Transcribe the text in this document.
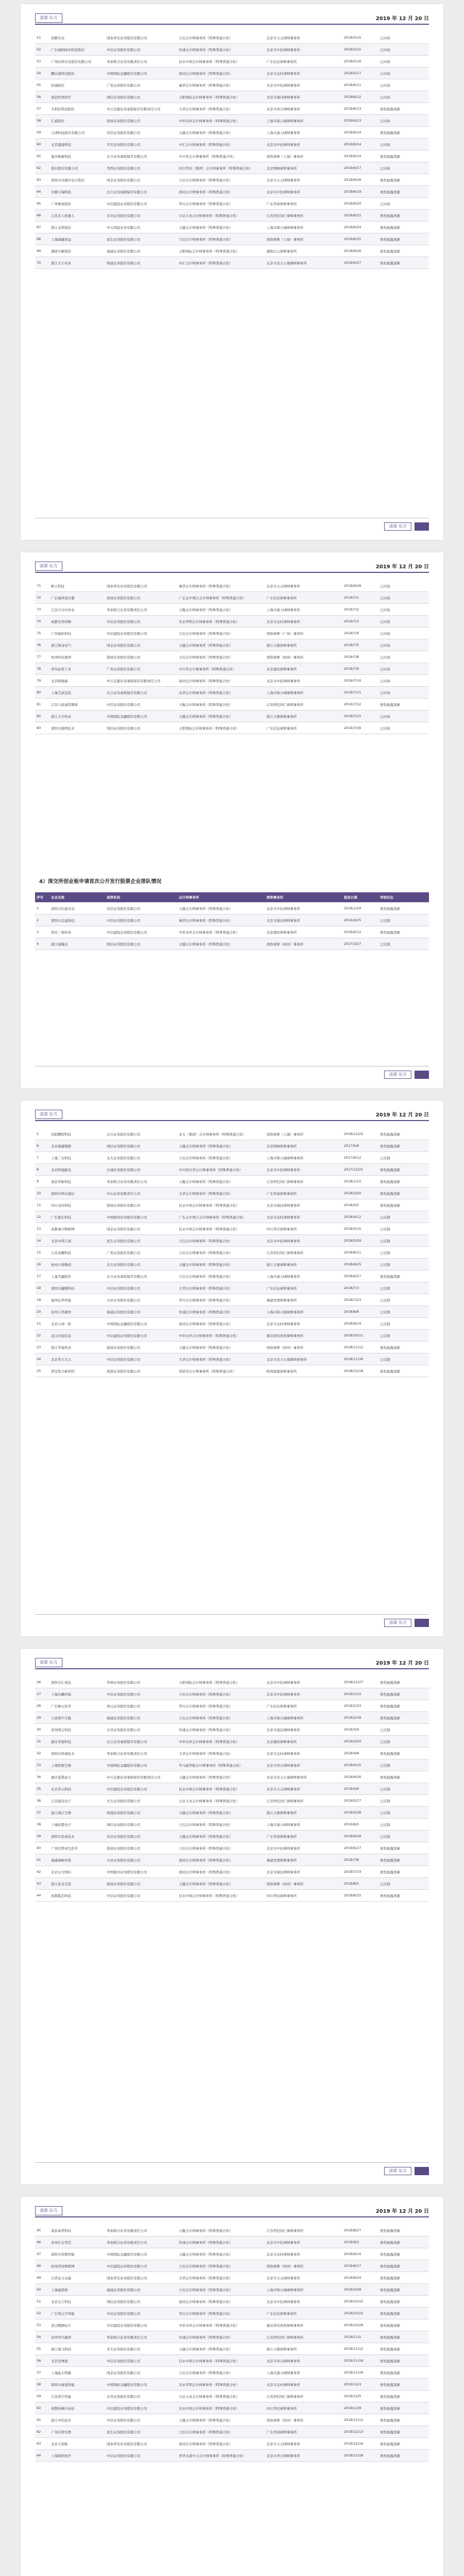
清算·东方	2019 年 12 月 20 日
51	资腾光电	国泰君安证券股份有限公司	立信会计师事务所（特殊普通合伙）	北京市天元律师事务所	2019/5/15	已问询
52	广东海纳纳米科技股份	中信证券股份有限公司	容诚会计师事务所（特殊普通合伙）	北京市中伦律师事务所	2019/5/15	已问询
53	广州信和光电股份有限公司	华泰联合证券有限责任公司	信永中和会计师事务所（特殊普通合伙）	广东信达律师事务所	2019/5/16	已问询
54	鹏信通科技股份	中国国际金融股份有限公司	致同会计师事务所（特殊普通合伙）	北京市金杜律师事务所	2019/5/17	已问询
55	恒瑞股份	广发证券股份有限公司	瑞华会计师事务所（特殊普通合伙）	北京市中伦律师事务所	2019/6/11	已问询
56	南京欧普医疗	国信证券股份有限公司	天职国际会计师事务所（特殊普通合伙）	北京市海问律师事务所	2019/6/12	已问询
57	美利信科技股份	申万宏源证券承销保荐有限责任公司	大华会计师事务所（特殊普通合伙）	北京市君合律师事务所	2019/6/13	预先披露更新
58	汇威股份	招商证券股份有限公司	中审众环会计师事务所（特殊普通合伙）	上海市锦天城律师事务所	2019/6/13	已问询
59	天津科技股份有限公司	安信证券股份有限公司	天健会计师事务所（特殊普通合伙）	上海市通力律师事务所	2019/6/14	预先披露更新
60	北京盛通科技	平安证券股份有限公司	中汇会计师事务所（特殊普通合伙）	北京市中伦律师事务所	2019/6/14	已问询
61	重庆新新科技	东方证券承销保荐有限公司	中兴华会计师事务所（特殊普通合伙）	国浩律师（上海）事务所	2019/6/14	预先披露更新
62	浙东股份有限公司	华西证券股份有限公司	四川华信（集团）会计师事务所（特殊普通合伙）	北京国枫律师事务所	2019/6/17	已问询
63	深圳市迈瑞尔电子股份	国金证券股份有限公司	立信会计师事务所（特殊普通合伙）	北京市天元律师事务所	2019/6/18	预先披露更新
64	安徽万瑞科技	长江证券承销保荐有限公司	致同会计师事务所（特殊普通合伙）	北京市中伦律师事务所	2019/6/19	预先披露更新
65	广州赛意股份	中信建投证券股份有限公司	华兴会计师事务所（特殊普通合伙）	广东华商律师事务所	2019/6/20	已问询
66	江苏北人机器人	东吴证券股份有限公司	公证天业会计师事务所（特殊普通合伙）	江苏世纪同仁律师事务所	2019/6/21	预先披露更新
67	浙江金科股份	中天国富证券有限公司	天健会计师事务所（特殊普通合伙）	上海市锦天城律师事务所	2019/6/24	预先披露更新
68	上海海融食品	民生证券股份有限公司	立信会计师事务所（特殊普通合伙）	国浩律师（上海）事务所	2019/6/25	预先披露更新
69	湖南宇新股份	海通证券股份有限公司	天职国际会计师事务所（特殊普通合伙）	湖南启元律师事务所	2019/6/26	预先披露更新
70	浙江大丰实业	财通证券股份有限公司	中汇会计师事务所（特殊普通合伙）	北京市竞天公诚律师事务所	2019/6/27	预先披露更新
清算·东方
清算·东方	2019 年 12 月 20 日
4）深交所创业板申请首次公开发行股票企业排队情况
71	新天科技	国泰君安证券股份有限公司	瑞华会计师事务所（特殊普通合伙）	北京市天元律师事务所	2019/6/28	已问询
72	广东海鸿变压器	招商证券股份有限公司	广东正中珠江会计师事务所（特殊普通合伙）	广东信达律师事务所	2019/7/1	已问询
73	江苏吉贝尔药业	华泰联合证券有限责任公司	天衡会计师事务所（特殊普通合伙）	上海市通力律师事务所	2019/7/2	已问询
74	成都先导药物	中信证券股份有限公司	安永华明会计师事务所（特殊普通合伙）	北京市金杜律师事务所	2019/7/3	已问询
75	广州瑞松科技	中信建投证券股份有限公司	立信会计师事务所（特殊普通合伙）	国浩律师（广州）事务所	2019/7/4	已问询
76	浙江锋龙电气	国金证券股份有限公司	天健会计师事务所（特殊普通合伙）	浙江天册律师事务所	2019/7/5	已问询
77	杭州热电集团	浙商证券股份有限公司	立信会计师事务所（特殊普通合伙）	国浩律师（杭州）事务所	2019/7/8	已问询
78	青岛征和工业	广发证券股份有限公司	中兴华会计师事务所（特殊普通合伙）	北京德恒律师事务所	2019/7/9	已问询
79	北京映翰通	申万宏源证券承销保荐有限责任公司	致同会计师事务所（特殊普通合伙）	北京市中伦律师事务所	2019/7/10	已问询
80	上海艾录包装	长江证券承销保荐有限公司	众华会计师事务所（特殊普通合伙）	上海市锦天城律师事务所	2019/7/11	已问询
81	江苏力星通用钢球	中信证券股份有限公司	天衡会计师事务所（特殊普通合伙）	江苏世纪同仁律师事务所	2019/7/12	预先披露更新
82	浙江天宇药业	中国国际金融股份有限公司	天健会计师事务所（特殊普通合伙）	浙江天册律师事务所	2019/7/15	已问询
83	深圳市锐明技术	国信证券股份有限公司	天职国际会计师事务所（特殊普通合伙）	广东信达律师事务所	2019/7/16	已问询
序号	企业名称	保荐机构	会计师事务所	律师事务所	报送日期	审核状态
1	深圳市信濠光电	安信证券股份有限公司	天健会计师事务所（特殊普通合伙）	北京市中伦律师事务所	2016/1/29	预先披露更新
2	深圳市金溢科技	中信证券股份有限公司	瑞华会计师事务所（特殊普通合伙）	北京市康达律师事务所	2016/4/25	已反馈
3	西安三角防务	中信建投证券股份有限公司	中审众环会计师事务所（特殊普通合伙）	北京德恒律师事务所	2016/6/12	预先披露更新
4	浙江康隆达	国信证券股份有限公司	天健会计师事务所（特殊普通合伙）	国浩律师（杭州）事务所	2017/3/27	已反馈
清算·东方
清算·东方	2019 年 12 月 20 日
5	沈阳鹏程科技	东兴证券股份有限公司	亚太（集团）会计师事务所（特殊普通合伙）	国浩律师（上海）事务所	2016/12/22	预先披露更新
6	北京海量数据	国信证券股份有限公司	天健会计师事务所（特殊普通合伙）	北京国枫律师事务所	2017/5/8	预先披露更新
7	上海三毛科技	光大证券股份有限公司	立信会计师事务所（特殊普通合伙）	上海市锦天城律师事务所	2017/6/12	已反馈
8	北京科锐配电	长城证券股份有限公司	中兴财光华会计师事务所（特殊普通合伙）	北京市中伦律师事务所	2017/12/21	预先披露更新
9	南京华脉科技	华泰联合证券有限责任公司	天衡会计师事务所（特殊普通合伙）	江苏世纪同仁律师事务所	2018/1/15	预先披露更新
10	深圳市科信通信	中山证券有限责任公司	大华会计师事务所（特殊普通合伙）	广东华商律师事务所	2018/3/20	预先披露更新
11	四川金时科技	招商证券股份有限公司	信永中和会计师事务所（特殊普通合伙）	北京市康达律师事务所	2018/4/2	预先披露更新
12	广东德生科技	中国银河证券股份有限公司	广东正中珠江会计师事务所（特殊普通合伙）	北京市金杜律师事务所	2018/4/12	已反馈
13	成都秦川物联网	国金证券股份有限公司	信永中和会计师事务所（特殊普通合伙）	四川华信律师事务所	2018/5/15	已反馈
14	北京中科江南	民生证券股份有限公司	立信会计师事务所（特殊普通合伙）	北京市中伦律师事务所	2018/5/28	已反馈
15	江苏龙蟠科技	广发证券股份有限公司	立信会计师事务所（特殊普通合伙）	江苏世纪同仁律师事务所	2018/6/11	已反馈
16	杭州天地数码	光大证券股份有限公司	天健会计师事务所（特殊普通合伙）	浙江天册律师事务所	2018/6/25	已反馈
17	上海艾融软件	东方证券承销保荐有限公司	立信会计师事务所（特殊普通合伙）	上海市通力律师事务所	2018/6/27	预先披露更新
18	深圳市捷顺科技	中信证券股份有限公司	大华会计师事务所（特殊普通合伙）	广东信达律师事务所	2018/7/3	已反馈
19	福州达华智能	兴业证券股份有限公司	华兴会计师事务所（特殊普通合伙）	福建至理律师事务所	2018/7/23	已反馈
20	苏州天华超净	海通证券股份有限公司	容诚会计师事务所（特殊普通合伙）	上海市锦天城律师事务所	2018/8/8	已反馈
21	北京九州一轨	中国国际金融股份有限公司	致同会计师事务所（特殊普通合伙）	北京市金杜律师事务所	2018/9/14	已反馈
22	武汉光庭信息	中信建投证券股份有限公司	中审众环会计师事务所（特殊普通合伙）	湖北得伟君尚律师事务所	2018/10/11	已反馈
23	浙江华康药业	浙商证券股份有限公司	天健会计师事务所（特殊普通合伙）	国浩律师（杭州）事务所	2018/11/12	预先披露更新
24	北京华大九天	中信证券股份有限公司	大华会计师事务所（特殊普通合伙）	北京市竞天公诚律师事务所	2018/11/30	已反馈
25	西安凯立新材料	西部证券股份有限公司	希格玛会计师事务所（特殊普通合伙）	陕西海嘉律师事务所	2018/12/18	预先披露更新
清算·东方
清算·东方	2019 年 12 月 20 日
26	深圳市汇创达	华林证券股份有限公司	天职国际会计师事务所（特殊普通合伙）	北京市中伦律师事务所	2018/12/27	预先披露更新
27	上海丛麟环保	中信证券股份有限公司	立信会计师事务所（特殊普通合伙）	北京市中伦律师事务所	2019/1/10	预先披露更新
28	广东聚石化学	国元证券股份有限公司	华兴会计师事务所（特殊普通合伙）	广东信达律师事务所	2019/1/23	预先披露更新
29	宁波舜宇车载	海通证券股份有限公司	立信会计师事务所（特殊普通合伙）	上海市锦天城律师事务所	2019/2/18	预先披露更新
30	苏州明志科技	东吴证券股份有限公司	容诚会计师事务所（特殊普通合伙）	北京市康达律师事务所	2019/3/4	已反馈
31	湖北华强科技	长江证券承销保荐有限公司	中审众环会计师事务所（特殊普通合伙）	北京德恒律师事务所	2019/3/20	已反馈
32	深圳市科瑞技术	华泰联合证券有限责任公司	大华会计师事务所（特殊普通合伙）	北京市金杜律师事务所	2019/4/8	预先披露更新
33	上海凯赛生物	中国国际金融股份有限公司	毕马威华振会计师事务所（特殊普通合伙）	北京市君合律师事务所	2019/4/15	已反馈
34	重庆蓝黛动力	申万宏源证券承销保荐有限责任公司	天健会计师事务所（特殊普通合伙）	北京市竞天公诚律师事务所	2019/4/26	预先披露更新
35	北京青云科技	中信建投证券股份有限公司	信永中和会计师事务所（特殊普通合伙）	北京市天元律师事务所	2019/5/9	已反馈
36	江苏通达电子	光大证券股份有限公司	公证天业会计师事务所（特殊普通合伙）	江苏世纪同仁律师事务所	2019/5/17	已反馈
37	浙江钱江生物	财通证券股份有限公司	天健会计师事务所（特殊普通合伙）	浙江天册律师事务所	2019/5/28	已反馈
38	上海柏楚电子	国信证券股份有限公司	立信会计师事务所（特殊普通合伙）	上海市通力律师事务所	2019/6/5	已反馈
39	深圳市思索技术	安信证券股份有限公司	天健会计师事务所（特殊普通合伙）	广东华商律师事务所	2019/6/18	已反馈
40	广州迈普再生医学	招商证券股份有限公司	立信会计师事务所（特殊普通合伙）	北京市中伦律师事务所	2019/6/27	预先披露更新
41	福建海峡环保	兴业证券股份有限公司	致同会计师事务所（特殊普通合伙）	福建至理律师事务所	2019/7/8	预先披露更新
42	北京东方国信	中国银河证券股份有限公司	致同会计师事务所（特殊普通合伙）	北京市康达律师事务所	2019/7/19	预先披露更新
43	浙江兆龙互连	浙商证券股份有限公司	天健会计师事务所（特殊普通合伙）	国浩律师（杭州）事务所	2019/8/2	已反馈
44	成都振芯科技	中信证券股份有限公司	信永中和会计师事务所（特殊普通合伙）	四川华信律师事务所	2019/8/15	预先披露更新
清算·东方
清算·东方	2019 年 12 月 20 日
45	南京高华科技	华泰联合证券有限责任公司	天衡会计师事务所（特殊普通合伙）	江苏世纪同仁律师事务所	2019/8/27	预先披露更新
46	苏州长光华芯	华泰联合证券有限责任公司	容诚会计师事务所（特殊普通合伙）	北京市中伦律师事务所	2019/9/3	预先披露更新
47	深圳市智微智能	中国国际金融股份有限公司	天健会计师事务所（特殊普通合伙）	北京市金杜律师事务所	2019/9/10	预先披露更新
48	杭州鸿泉物联网	中信建投证券股份有限公司	立信会计师事务所（特殊普通合伙）	国浩律师（杭州）事务所	2019/9/17	预先披露更新
49	江西金力永磁	国泰君安证券股份有限公司	大华会计师事务所（特殊普通合伙）	北京市天元律师事务所	2019/9/24	预先披露更新
50	上海威派格	海通证券股份有限公司	立信会计师事务所（特殊普通合伙）	上海市锦天城律师事务所	2019/10/8	预先披露更新
51	北京左江科技	国信证券股份有限公司	致同会计师事务所（特殊普通合伙）	北京市中伦律师事务所	2019/10/15	预先披露更新
52	广东利元亨智能	中信证券股份有限公司	华兴会计师事务所（特殊普通合伙）	广东信达律师事务所	2019/10/22	预先披露更新
53	武汉精测电子	中信建投证券股份有限公司	中审众环会计师事务所（特殊普通合伙）	湖北得伟君尚律师事务所	2019/10/29	预先披露更新
54	苏州华兴源创	华泰联合证券有限责任公司	容诚会计师事务所（特殊普通合伙）	江苏世纪同仁律师事务所	2019/11/5	预先披露更新
55	浙江德马科技	光大证券股份有限公司	天健会计师事务所（特殊普通合伙）	浙江天册律师事务所	2019/11/12	预先披露更新
56	北京安博通	中信证券股份有限公司	信永中和会计师事务所（特殊普通合伙）	北京市君合律师事务所	2019/11/19	预先披露更新
57	上海晶丰明源	国金证券股份有限公司	立信会计师事务所（特殊普通合伙）	上海市通力律师事务所	2019/11/26	预先披露更新
58	深圳市道通智能	中国国际金融股份有限公司	安永华明会计师事务所（特殊普通合伙）	北京市金杜律师事务所	2019/12/3	预先披露更新
59	江苏泽宇智能	东吴证券股份有限公司	公证天业会计师事务所（特殊普通合伙）	江苏世纪同仁律师事务所	2019/12/5	预先披露更新
60	成都纵横自动化	中信建投证券股份有限公司	信永中和会计师事务所（特殊普通合伙）	四川华信律师事务所	2019/12/9	预先披露更新
61	浙江中控技术	中信证券股份有限公司	天健会计师事务所（特殊普通合伙）	国浩律师（杭州）事务所	2019/12/11	预先披露更新
62	广州洁特生物	民生证券股份有限公司	立信会计师事务所（特殊普通合伙）	广东华商律师事务所	2019/12/13	预先披露更新
63	北京天智航	国泰君安证券股份有限公司	致同会计师事务所（特殊普通合伙）	北京市天元律师事务所	2019/12/16	预先披露更新
64	上海联影医疗	中信证券股份有限公司	普华永道中天会计师事务所（特殊普通合伙）	北京市君合律师事务所	2019/12/18	预先披露更新
